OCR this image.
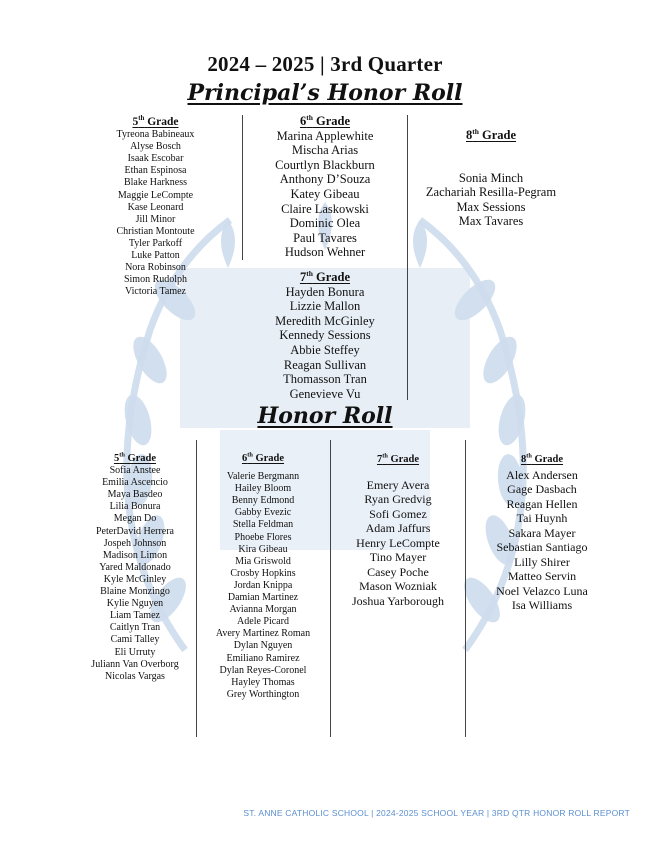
2024 – 2025 | 3rd Quarter
Principal’s Honor Roll
5th Grade
Tyreona Babineaux
Alyse Bosch
Isaak Escobar
Ethan Espinosa
Blake Harkness
Maggie LeCompte
Kase Leonard
Jill Minor
Christian Montoute
Tyler Parkoff
Luke Patton
Nora Robinson
Simon Rudolph
Victoria Tamez
6th Grade
Marina Applewhite
Mischa Arias
Courtlyn Blackburn
Anthony D’Souza
Katey Gibeau
Claire Laskowski
Dominic Olea
Paul Tavares
Hudson Wehner
7th Grade
Hayden Bonura
Lizzie Mallon
Meredith McGinley
Kennedy Sessions
Abbie Steffey
Reagan Sullivan
Thomasson Tran
Genevieve Vu
8th Grade
Sonia Minch
Zachariah Resilla-Pegram
Max Sessions
Max Tavares
Honor Roll
5th Grade
Sofia Anstee
Emilia Ascencio
Maya Basdeo
Lilia Bonura
Megan Do
PeterDavid Herrera
Jospeh Johnson
Madison Limon
Yared Maldonado
Kyle McGinley
Blaine Monzingo
Kylie Nguyen
Liam Tamez
Caitlyn Tran
Cami Talley
Eli Urruty
Juliann Van Overborg
Nicolas Vargas
6th Grade
Valerie Bergmann
Hailey Bloom
Benny Edmond
Gabby Evezic
Stella Feldman
Phoebe Flores
Kira Gibeau
Mia Griswold
Crosby Hopkins
Jordan Knippa
Damian Martinez
Avianna Morgan
Adele Picard
Avery Martinez Roman
Dylan Nguyen
Emiliano Ramirez
Dylan Reyes-Coronel
Hayley Thomas
Grey Worthington
7th Grade
Emery Avera
Ryan Gredvig
Sofi Gomez
Adam Jaffurs
Henry LeCompte
Tino Mayer
Casey Poche
Mason Wozniak
Joshua Yarborough
8th Grade
Alex Andersen
Gage Dasbach
Reagan Hellen
Tai Huynh
Sakara Mayer
Sebastian Santiago
Lilly Shirer
Matteo Servin
Noel Velazco Luna
Isa Williams
ST. ANNE CATHOLIC SCHOOL | 2024-2025 SCHOOL YEAR | 3RD QTR HONOR ROLL REPORT
